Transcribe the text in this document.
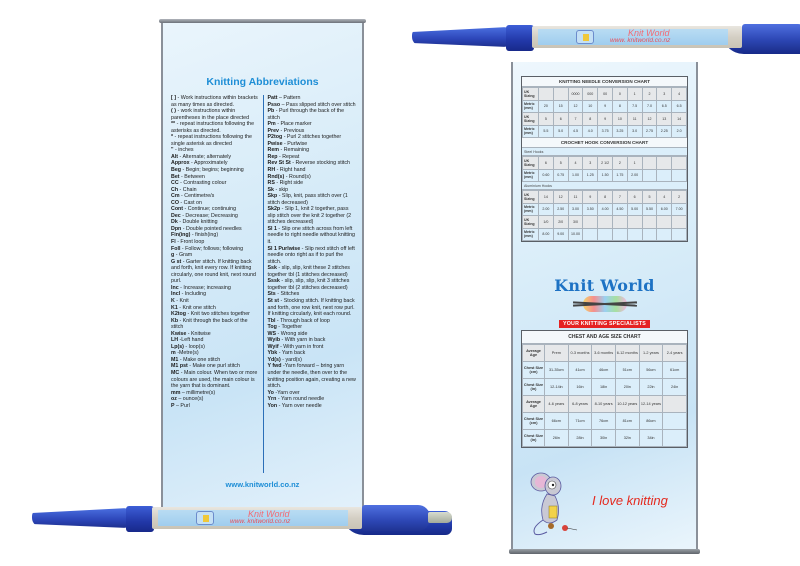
Knitting Abbreviations
[ ] - Work instructions within brackets as many times as directed.
( ) - work instructions within parentheses in the place directed
** - repeat instructions following the asterisks as directed.
* - repeat instructions following the single asterisk as directed
" - inches
Alt - Alternate; alternately
Approx - Approximately
Beg - Begin; begins; beginning
Bet - Between
CC - Contrasting colour
Ch - Chain
Cm - Centimetre/s
CO - Cast on
Cont - Continue; continuing
Dec - Decrease; Decreasing
Dk - Double knitting
Dpn - Double pointed needles
Fin(ing) - finish(ing)
Fl - Front loop
Foll - Follow; follows; following
g - Gram
G st - Garter stitch. If knitting back and forth, knit every row. If knitting circularly, one round knit, next round purl.
Inc - Increase; increasing
Incl - Including
K - Knit
K1 - Knit one stitch
K2tog - Knit two stitches together
Kb - Knit through the back of the stitch
Kwise - Knitwise
LH -Left hand
Lp(s) - loop(s)
m -Metre(s)
M1 - Make one stitch
M1 pst - Make one purl stitch
MC - Main colour. When two or more colours are used, the main colour is the yarn that is dominant.
mm – millimetre(s)
oz – ounce(s)
P – Purl
Patt – Pattern
Psso – Pass slipped stitch over stitch
Pb - Purl through the back of the stitch
Pm - Place marker
Prev - Previous
P2tog - Purl 2 stitches together
Pwise - Purlwise
Rem - Remaining
Rep - Repeat
Rev St St - Reverse stocking stitch
RH - Right hand
Rnd(s) - Round(s)
RS - Right side
Sk - skip
Skp - Slip, knit, pass stitch over (1 stitch decreased)
Sk2p - Slip 1, knit 2 together, pass slip stitch over the knit 2 together (2 stitches decreased)
Sl 1 - Slip one stitch across from left needle to right needle without knitting it.
Sl 1 Purlwise - Slip next stitch off left needle onto right as if to purl the stitch.
Ssk - slip, slip, knit these 2 stitches together tbl (1 stitches decreased)
Sssk - slip, slip, slip, knit 3 stitches together tbl (2 stitches decreased)
Sts - Stitches
St st - Stocking stitch. If knitting back and forth, one row knit, next row purl. If knitting circularly, knit each round.
Tbl - Through back of loop
Tog - Together
WS - Wrong side
Wyib - With yarn in back
Wyif - With yarn in front
Ybk - Yarn back
Yd(s) - yard(s)
Y fwd -Yarn forward – bring yarn under the needle, then over to the knitting position again, creating a new stitch.
Yo -Yarn over
Yrn - Yarn round needle
Yon - Yarn over needle
www.knitworld.co.nz
KNITTING NEEDLE CONVERSION CHART
UK Sizing			0000	000	00	0	1	2	3	4
Metric (mm)	20	15	12	10	9	8	7.5	7.0	6.5	6.5
UK Sizing	5	6	7	8	9	10	11	12	13	14
Metric (mm)	5.5	5.0	4.5	4.0	3.75	3.25	3.0	2.75	2.25	2.0
CROCHET HOOK CONVERSION CHART
Steel Hooks
UK Sizing	6	5	4	3	2 1/2	2	1			
Metric (mm)	0.60	0.75	1.00	1.25	1.50	1.75	2.00			
Aluminium Hooks
UK Sizing	14	12	11	9	8	7	6	5	4	2
Metric (mm)	2.00	2.50	3.00	3.50	4.00	4.50	5.00	5.50	6.00	7.00
UK Sizing	1/0	2/0	3/0							
Metric (mm)	8.00	9.00	10.00							
Knit World
YOUR KNITTING SPECIALISTS
CHEST AND AGE SIZE CHART
Average Age	Prem	0-3 months	3-6 months	6-12 months	1-2 years	2-4 years
Chest Size (cm)	31-35cm	41cm	46cm	51cm	56cm	61cm
Chest Size (in)	12-14in	16in	18in	20in	22in	24in
Average Age	4-6 years	6-8 years	8-10 years	10-12 years	12-14 years	
Chest Size (cm)	66cm	71cm	76cm	81cm	86cm	
Chest Size (in)	26in	28in	30in	32in	34in	
I love knitting
Knit World
www. knitworld.co.nz
Knit World
www. knitworld.co.nz
